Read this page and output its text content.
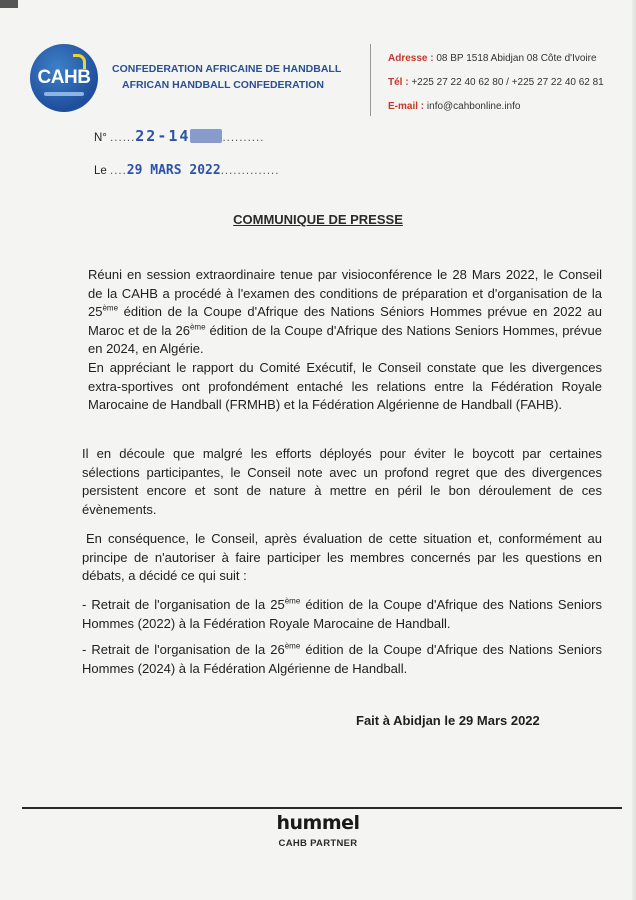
CAHB CONFEDERATION AFRICAINE DE HANDBALL
AFRICAN HANDBALL CONFEDERATION
Adresse : 08 BP 1518 Abidjan 08 Côte d'Ivoire
Tél : +225 27 22 40 62 80 / +225 27 22 40 62 81
E-mail : info@cahbonline.info
N° ......22-14	..........
Le ....29 MARS 2022..............
COMMUNIQUE DE PRESSE
Réuni en session extraordinaire tenue par visioconférence le 28 Mars 2022, le Conseil de la CAHB a procédé à l'examen des conditions de préparation et d'organisation de la 25ème édition de la Coupe d'Afrique des Nations Séniors Hommes prévue en 2022 au Maroc et de la 26ème édition de la Coupe d'Afrique des Nations Seniors Hommes, prévue en 2024, en Algérie.
En appréciant le rapport du Comité Exécutif, le Conseil constate que les divergences extra-sportives ont profondément entaché les relations entre la Fédération Royale Marocaine de Handball (FRMHB) et la Fédération Algérienne de Handball (FAHB).
Il en découle que malgré les efforts déployés pour éviter le boycott par certaines sélections participantes, le Conseil note avec un profond regret que des divergences persistent encore et sont de nature à mettre en péril le bon déroulement de ces évènements.
En conséquence, le Conseil, après évaluation de cette situation et, conformément au principe de n'autoriser à faire participer les membres concernés par les questions en débats, a décidé ce qui suit :
- Retrait de l'organisation de la 25ème édition de la Coupe d'Afrique des Nations Seniors Hommes (2022) à la Fédération Royale Marocaine de Handball.
- Retrait de l'organisation de la 26ème édition de la Coupe d'Afrique des Nations Seniors Hommes (2024) à la Fédération Algérienne de Handball.
Fait à Abidjan le 29 Mars 2022
hummel
CAHB PARTNER
